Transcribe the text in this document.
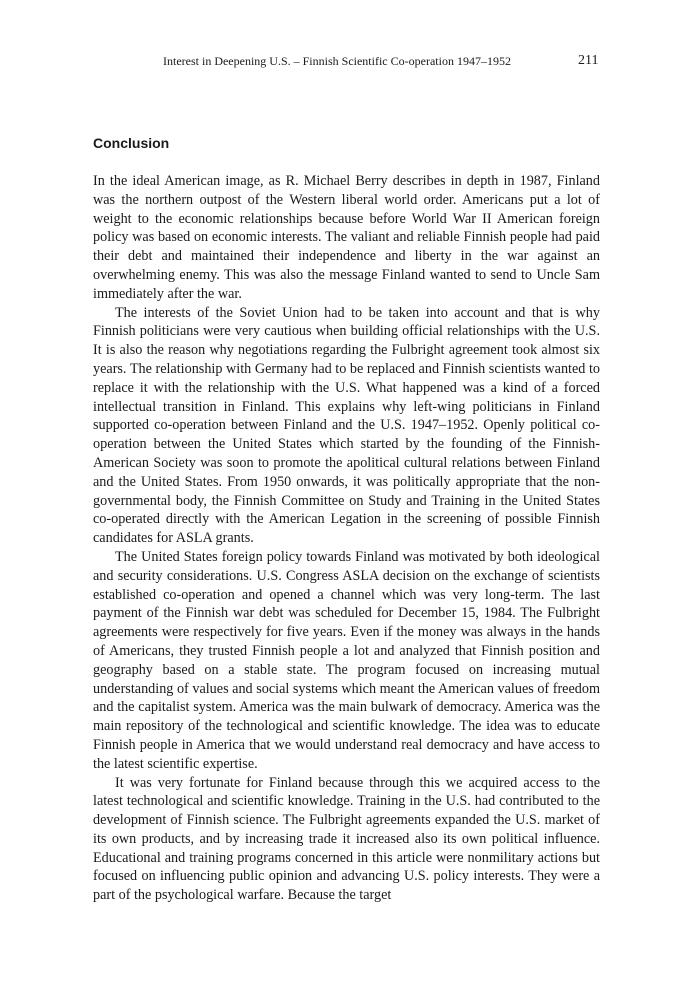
Interest in Deepening U.S. – Finnish Scientific Co-operation 1947–1952	211
Conclusion

In the ideal American image, as R. Michael Berry describes in depth in 1987, Finland was the northern outpost of the Western liberal world order. Americans put a lot of weight to the economic relationships because before World War II American foreign policy was based on economic interests. The valiant and reliable Finnish people had paid their debt and maintained their independence and liberty in the war against an overwhelming enemy. This was also the message Finland wanted to send to Uncle Sam immediately after the war.

The interests of the Soviet Union had to be taken into account and that is why Finnish politicians were very cautious when building official relationships with the U.S. It is also the reason why negotiations regarding the Fulbright agreement took almost six years. The relationship with Germany had to be replaced and Finnish scientists wanted to replace it with the relationship with the U.S. What happened was a kind of a forced intellectual transition in Finland. This explains why left-wing politicians in Finland supported co-operation between Finland and the U.S. 1947–1952. Openly political co-operation between the United States which started by the founding of the Finnish-American Society was soon to promote the apolitical cultural relations between Finland and the United States. From 1950 onwards, it was politically appropriate that the non-governmental body, the Finnish Committee on Study and Training in the United States co-operated directly with the American Legation in the screening of possible Finnish candidates for ASLA grants.

The United States foreign policy towards Finland was motivated by both ideological and security considerations. U.S. Congress ASLA decision on the exchange of scientists established co-operation and opened a channel which was very long-term. The last payment of the Finnish war debt was scheduled for December 15, 1984. The Fulbright agreements were respectively for five years. Even if the money was always in the hands of Americans, they trusted Finnish people a lot and analyzed that Finnish position and geography based on a stable state. The program focused on increasing mutual understanding of values and social systems which meant the American values of freedom and the capitalist system. America was the main bulwark of democracy. America was the main repository of the technological and scientific knowledge. The idea was to educate Finnish people in America that we would understand real democracy and have access to the latest scientific expertise.

It was very fortunate for Finland because through this we acquired access to the latest technological and scientific knowledge. Training in the U.S. had contributed to the development of Finnish science. The Fulbright agreements expanded the U.S. market of its own products, and by increasing trade it increased also its own political influence. Educational and training programs concerned in this article were nonmilitary actions but focused on influencing public opinion and advancing U.S. policy interests. They were a part of the psychological warfare. Because the target
